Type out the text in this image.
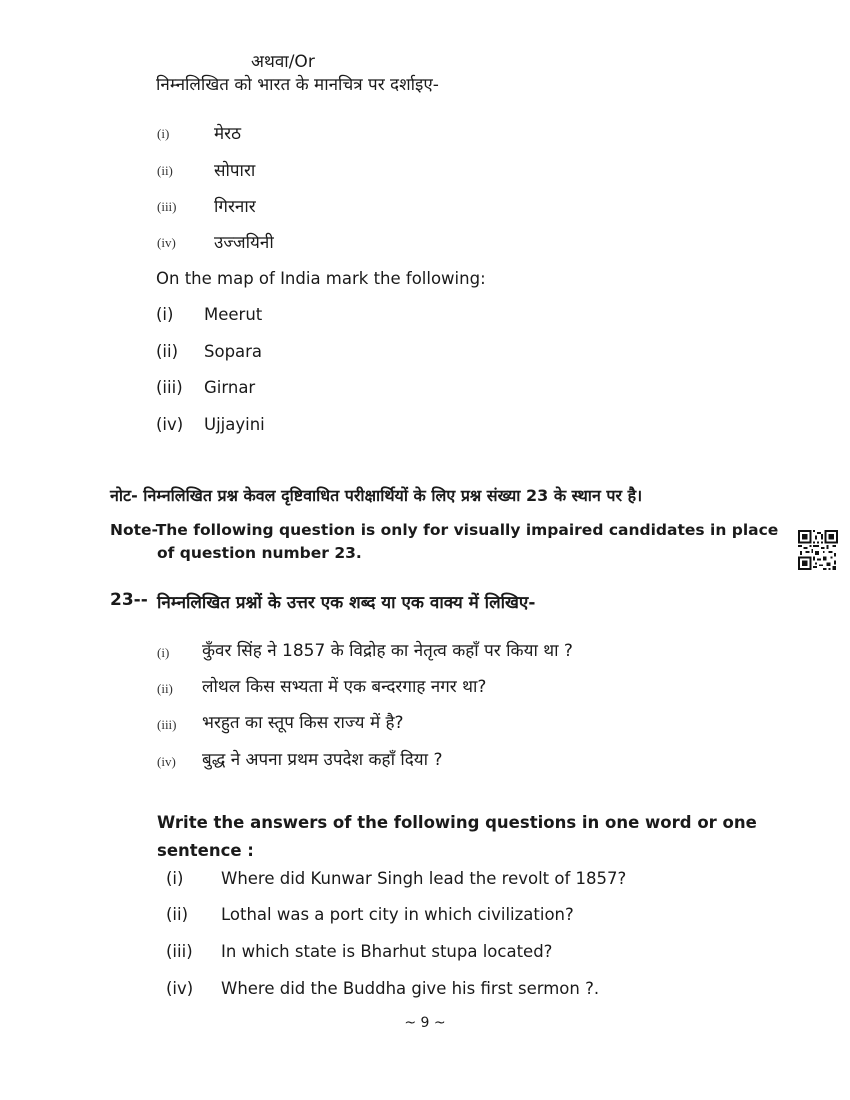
अथवा/Or
निम्नलिखित को भारत के मानचित्र पर दर्शाइए-
(i)	मेरठ
(ii) सोपारा
(iii) गिरनार
(iv) उज्जयिनी
On the map of India mark the following:
(i) Meerut
(ii) Sopara
(iii) Girnar
(iv) Ujjayini
नोट- निम्नलिखित प्रश्न केवल दृष्टिवाधित परीक्षार्थियों के लिए प्रश्न संख्या 23 के स्थान पर है।
Note-The following question is only for visually impaired candidates in place
of question number 23.
23-- निम्नलिखित प्रश्नों के उत्तर एक शब्द या एक वाक्य में लिखिए-
(i) कुँवर सिंह ने 1857 के विद्रोह का नेतृत्व कहाँ पर किया था ?
(ii) लोथल किस सभ्यता में एक बन्दरगाह नगर था?
(iii) भरहुत का स्तूप किस राज्य में है?
(iv) बुद्ध ने अपना प्रथम उपदेश कहाँ दिया ?
Write the answers of the following questions in one word or one
sentence :
(i) Where did Kunwar Singh lead the revolt of 1857?
(ii) Lothal was a port city in which civilization?
(iii) In which state is Bharhut stupa located?
(iv) Where did the Buddha give his first sermon ?.
~ 9 ~
